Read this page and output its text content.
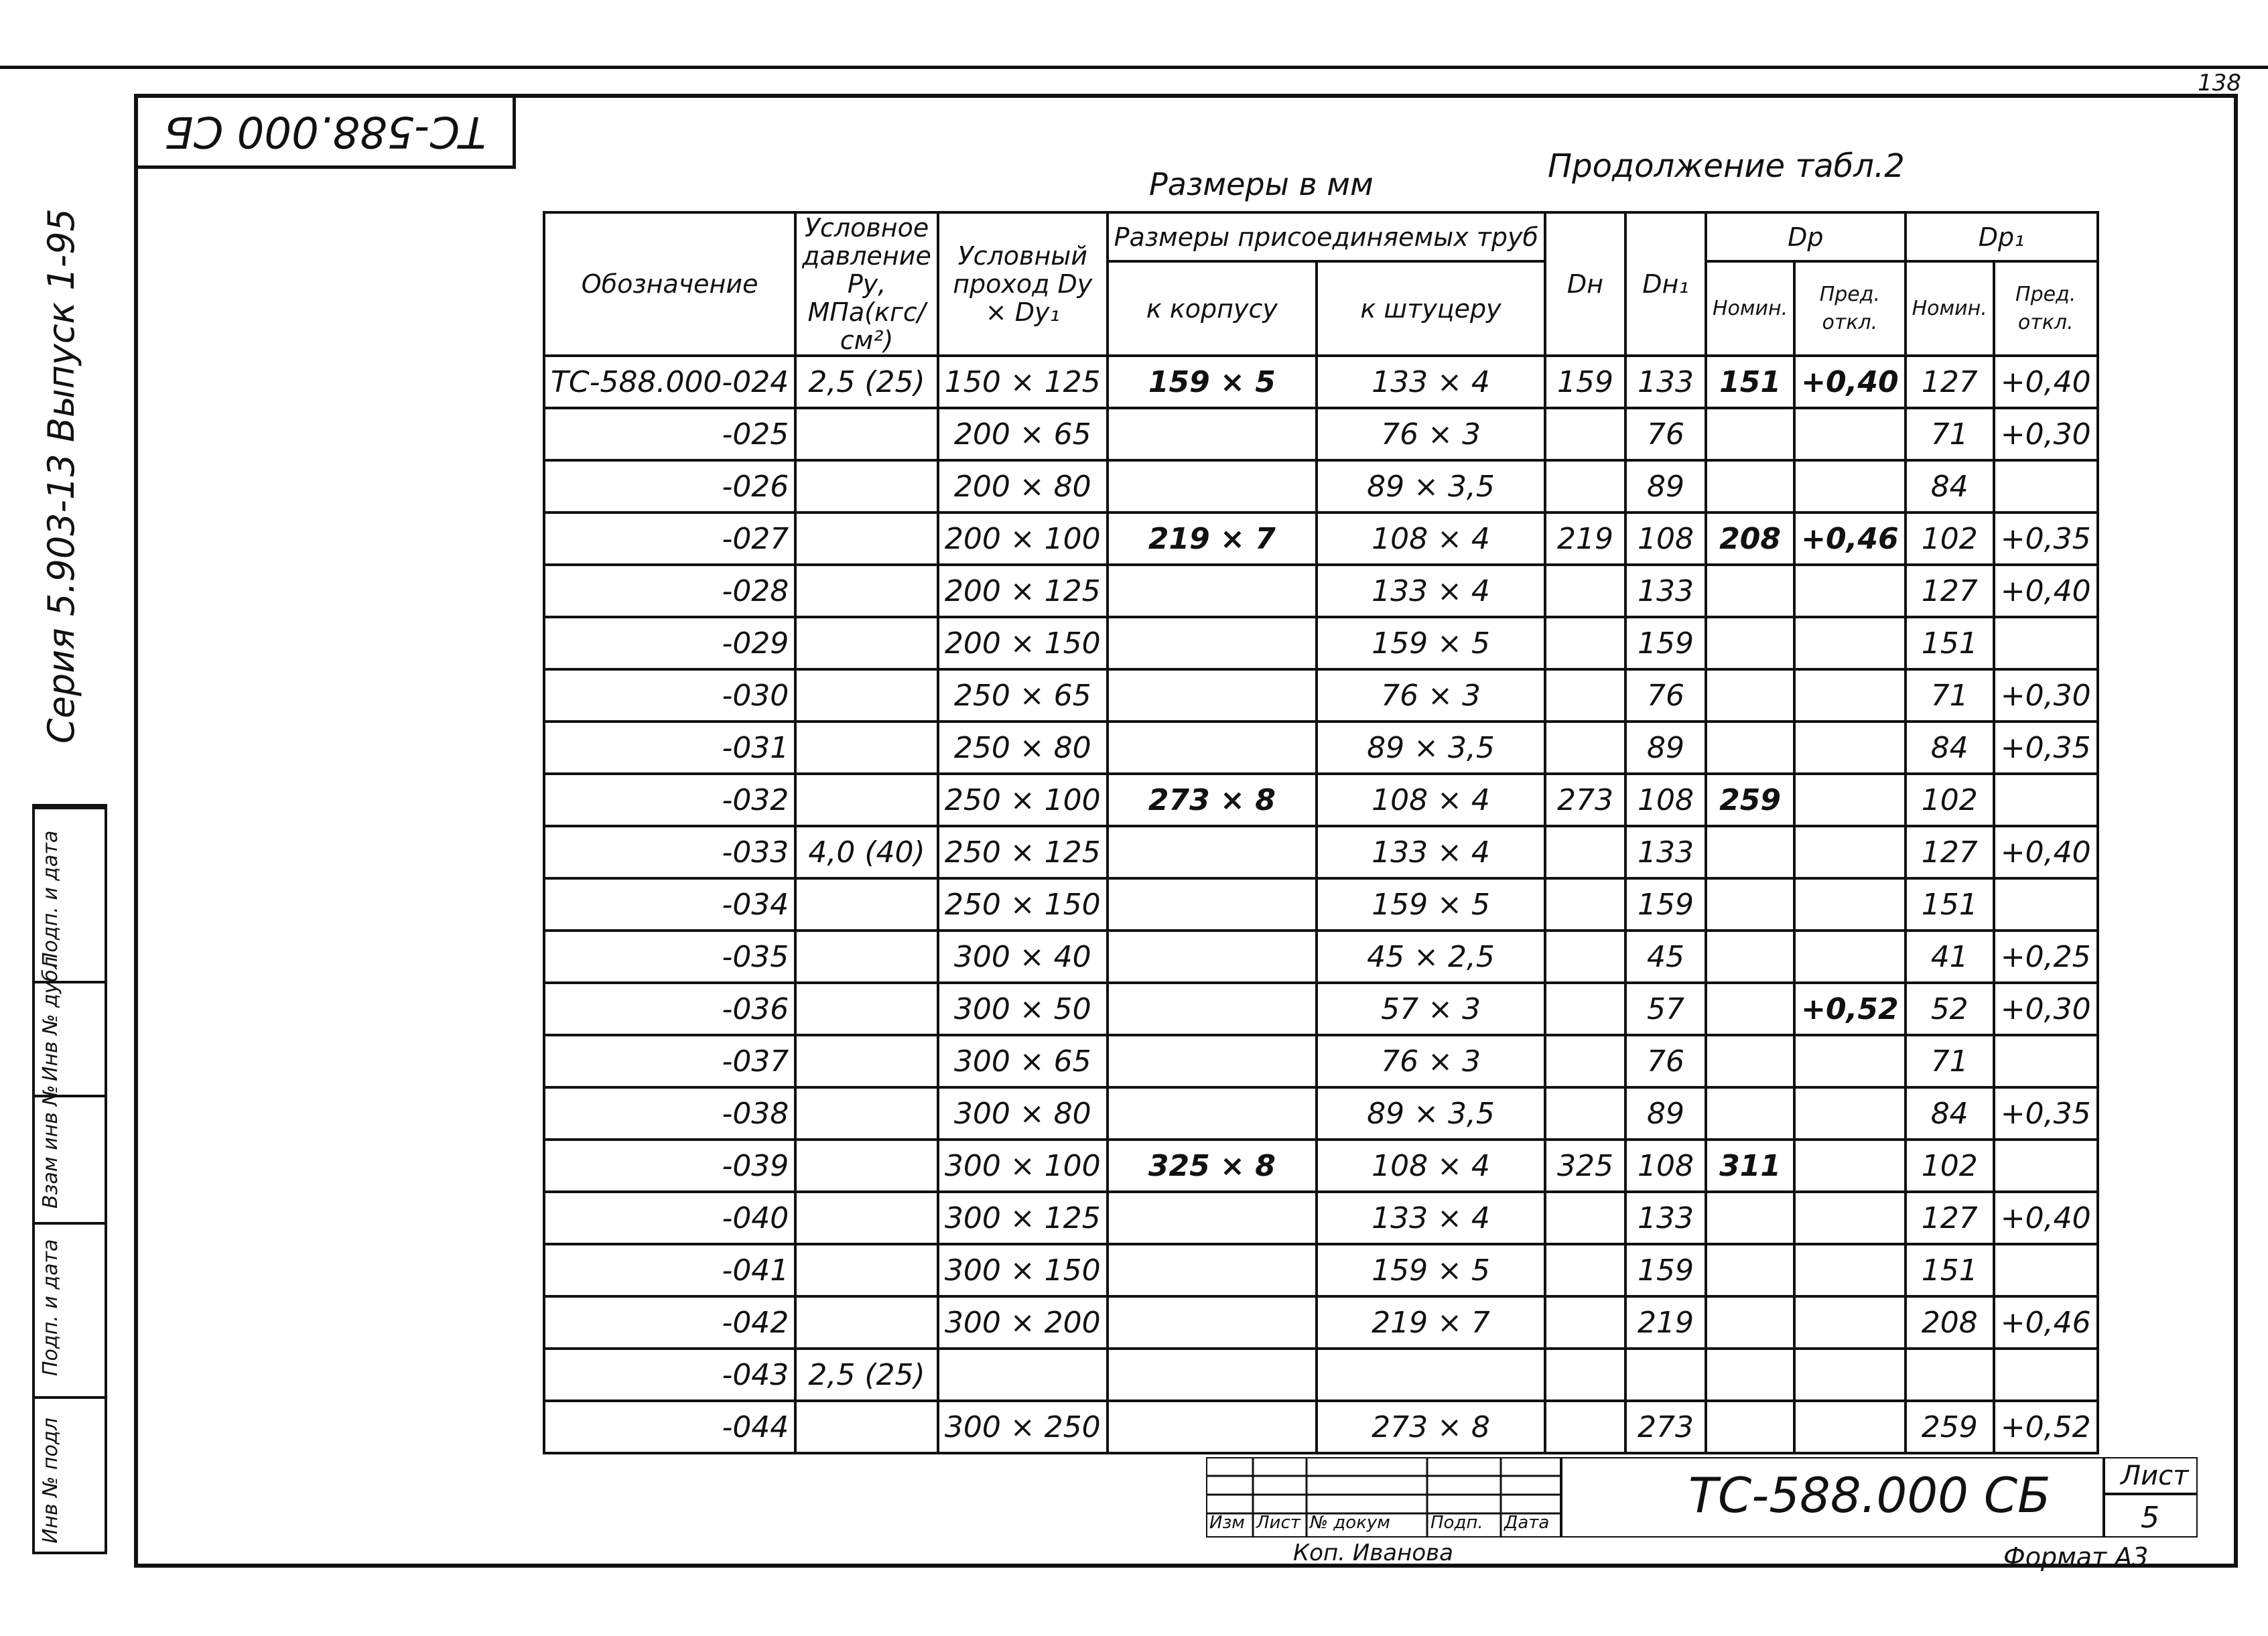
138
ТС-588.000 СБ
Серия 5.903-13 Выпуск 1-95
Размеры в мм	Продолжение табл.2
Инв № подл
Подп. и дата
Взам инв №
Инв № дубл
Подп. и дата
Обозначение	Условное давление Ру, МПа(кгс/см²)	Условный проход Dy × Dy₁	Размеры присоединяемых труб		Dн	Dн₁	Dр		Dр₁	
			к корпусу	к штуцеру			Номин.	Пред. откл.	Номин.	Пред. откл.
ТС-588.000-024	2,5 (25)	150 × 125	159 × 5	133 × 4	159	133	151	+0,40	127	+0,40
-025		200 × 65		76 × 3		76			71	+0,30
-026		200 × 80		89 × 3,5		89			84	
-027		200 × 100	219 × 7	108 × 4	219	108	208	+0,46	102	+0,35
-028		200 × 125		133 × 4		133			127	+0,40
-029		200 × 150		159 × 5		159			151	
-030		250 × 65		76 × 3		76			71	+0,30
-031		250 × 80		89 × 3,5		89			84	+0,35
-032		250 × 100	273 × 8	108 × 4	273	108	259		102	
-033	4,0 (40)	250 × 125		133 × 4		133			127	+0,40
-034		250 × 150		159 × 5		159			151	
-035		300 × 40		45 × 2,5		45			41	+0,25
-036		300 × 50		57 × 3		57		+0,52	52	+0,30
-037		300 × 65		76 × 3		76			71	
-038		300 × 80		89 × 3,5		89			84	+0,35
-039		300 × 100	325 × 8	108 × 4	325	108	311		102	
-040		300 × 125		133 × 4		133			127	+0,40
-041		300 × 150		159 × 5		159			151	
-042		300 × 200		219 × 7		219			208	+0,46
-043	2,5 (25)									
-044		300 × 250		273 × 8		273			259	+0,52
ТС-588.000 СБ
Изм Лист № докум Подп. Дата
Лист
5
Коп. Иванова	Формат А3
